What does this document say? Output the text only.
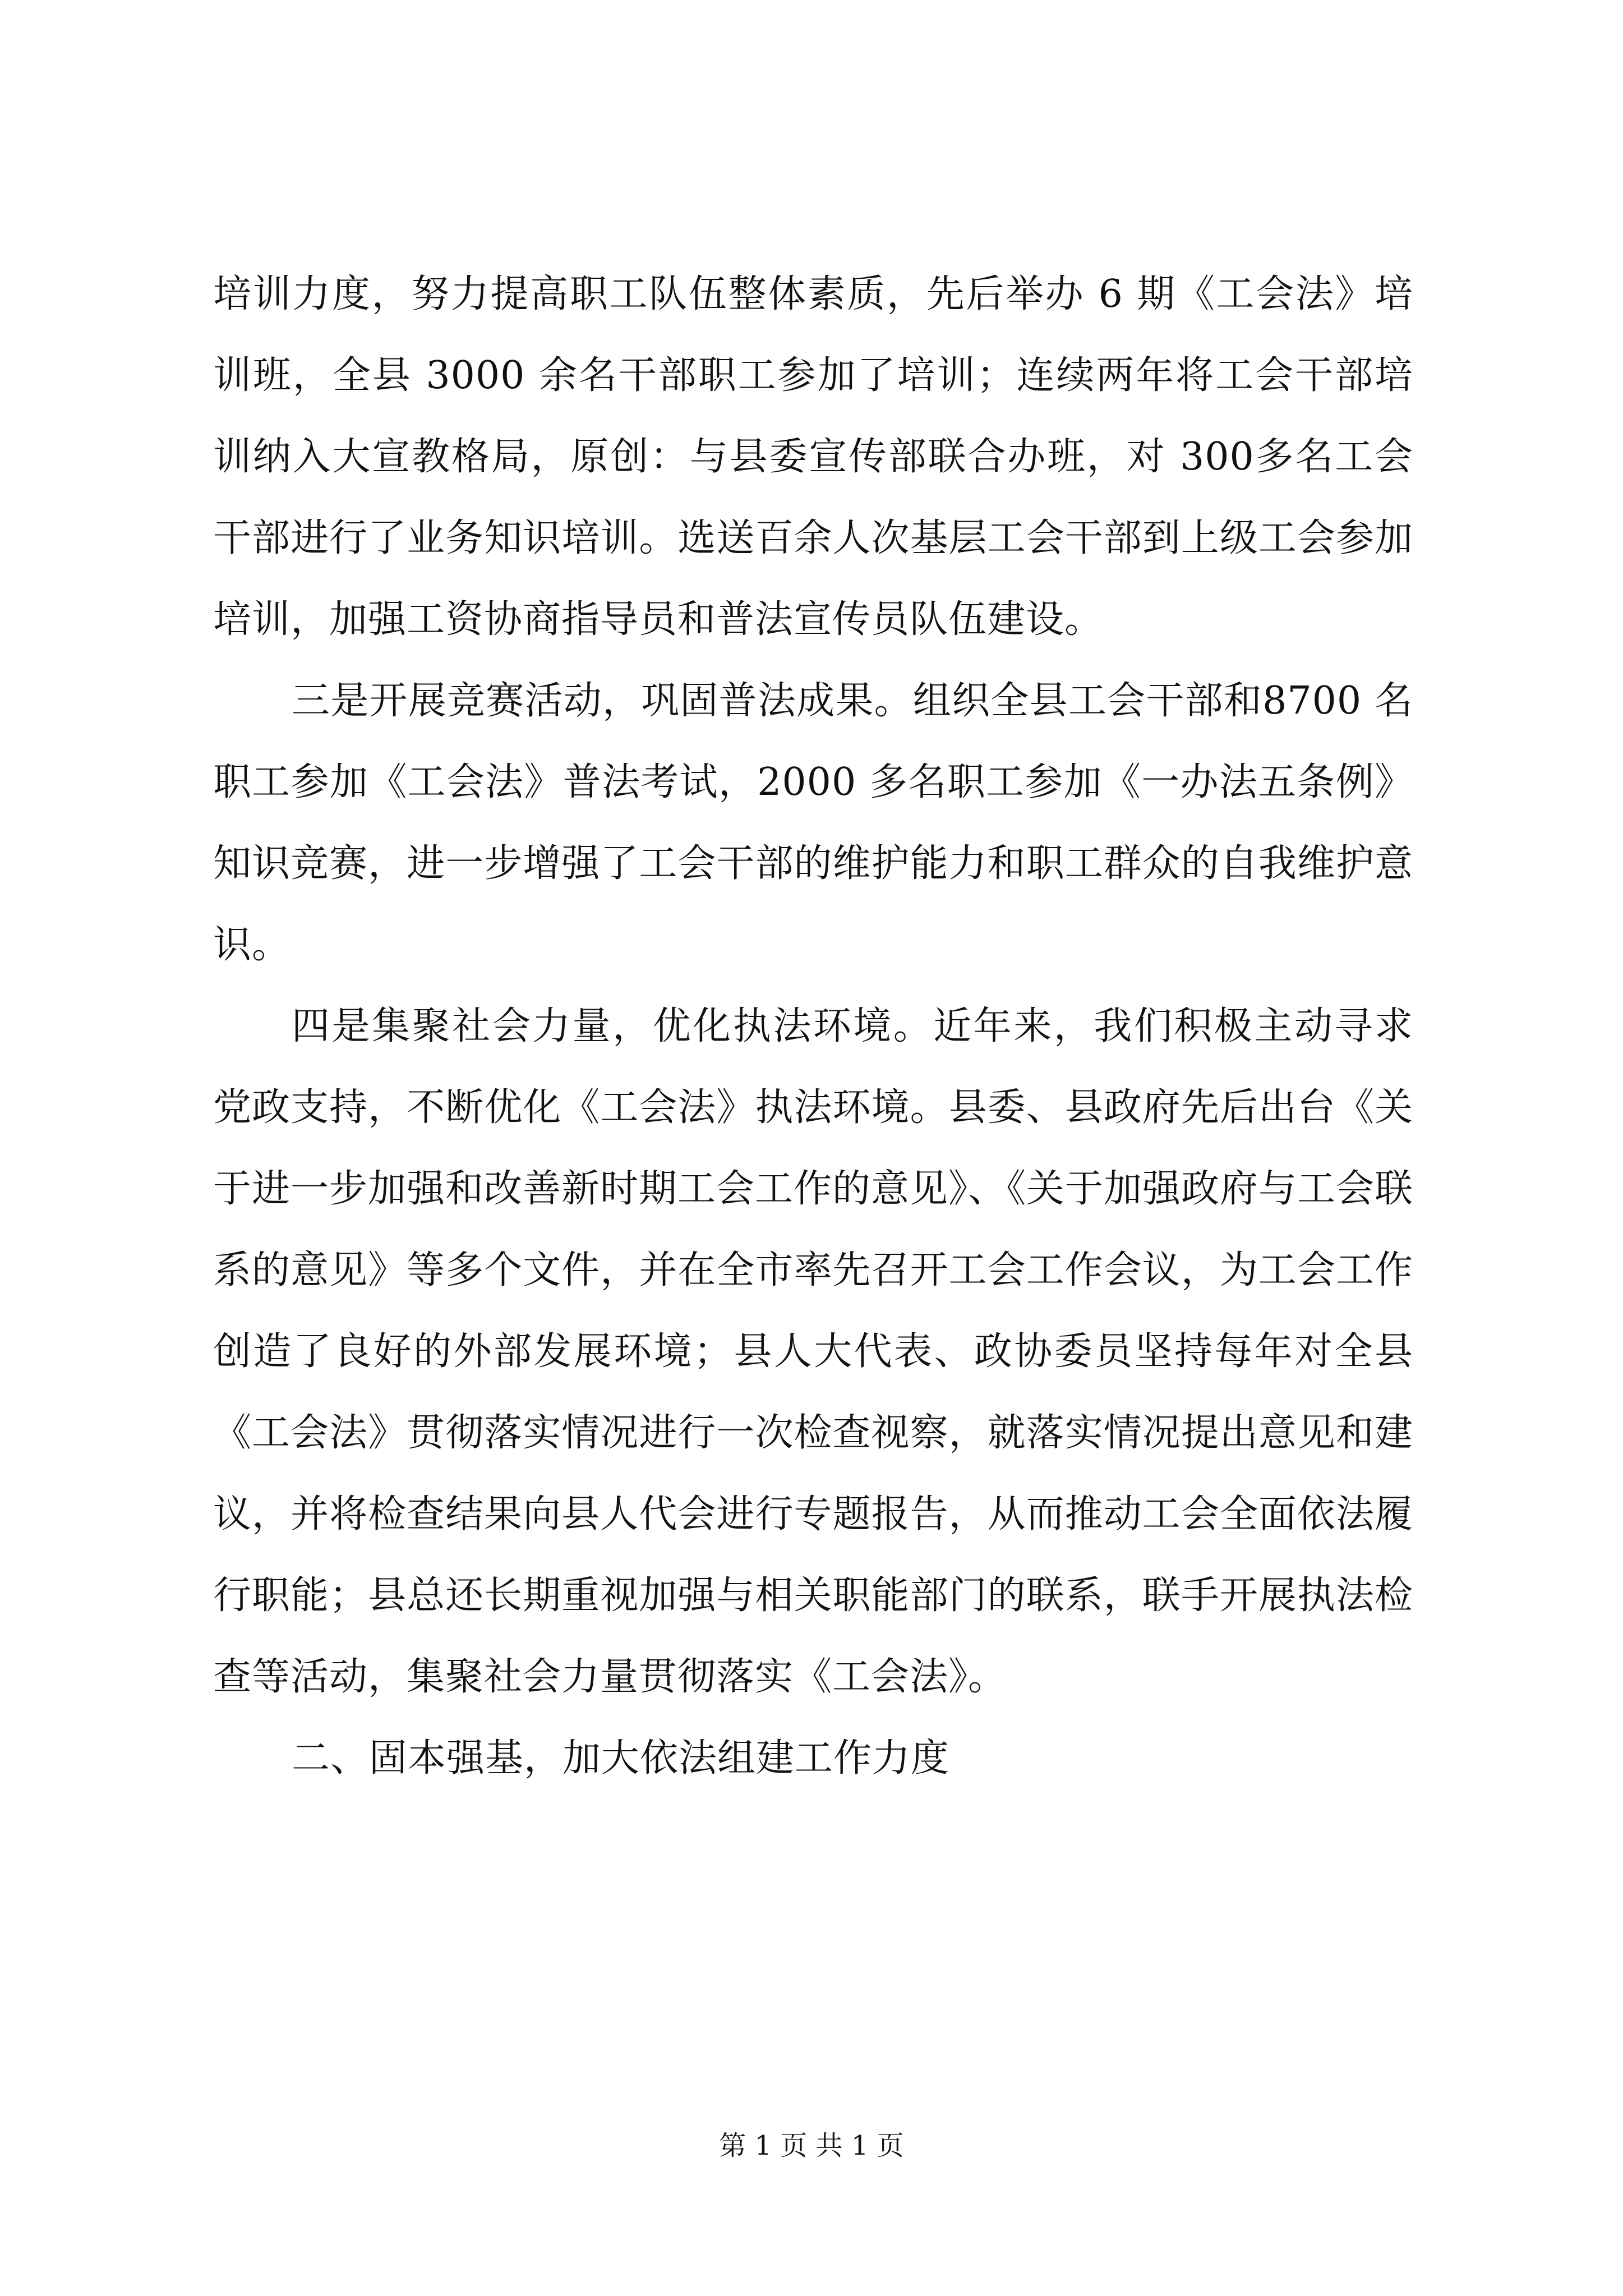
培训力度，努力提高职工队伍整体素质，先后举办 6 期《工会法》培训班，全县 3000 余名干部职工参加了培训；连续两年将工会干部培训纳入大宣教格局，原创：与县委宣传部联合办班，对 300多名工会干部进行了业务知识培训。选送百余人次基层工会干部到上级工会参加培训，加强工资协商指导员和普法宣传员队伍建设。

三是开展竞赛活动，巩固普法成果。组织全县工会干部和8700 名职工参加《工会法》普法考试，2000 多名职工参加《一办法五条例》知识竞赛，进一步增强了工会干部的维护能力和职工群众的自我维护意识。

四是集聚社会力量，优化执法环境。近年来，我们积极主动寻求党政支持，不断优化《工会法》执法环境。县委、县政府先后出台《关于进一步加强和改善新时期工会工作的意见》、《关于加强政府与工会联系的意见》等多个文件，并在全市率先召开工会工作会议，为工会工作创造了良好的外部发展环境；县人大代表、政协委员坚持每年对全县《工会法》贯彻落实情况进行一次检查视察，就落实情况提出意见和建议，并将检查结果向县人代会进行专题报告，从而推动工会全面依法履行职能；县总还长期重视加强与相关职能部门的联系，联手开展执法检查等活动，集聚社会力量贯彻落实《工会法》。

二、固本强基，加大依法组建工作力度

第 1 页 共 1 页
